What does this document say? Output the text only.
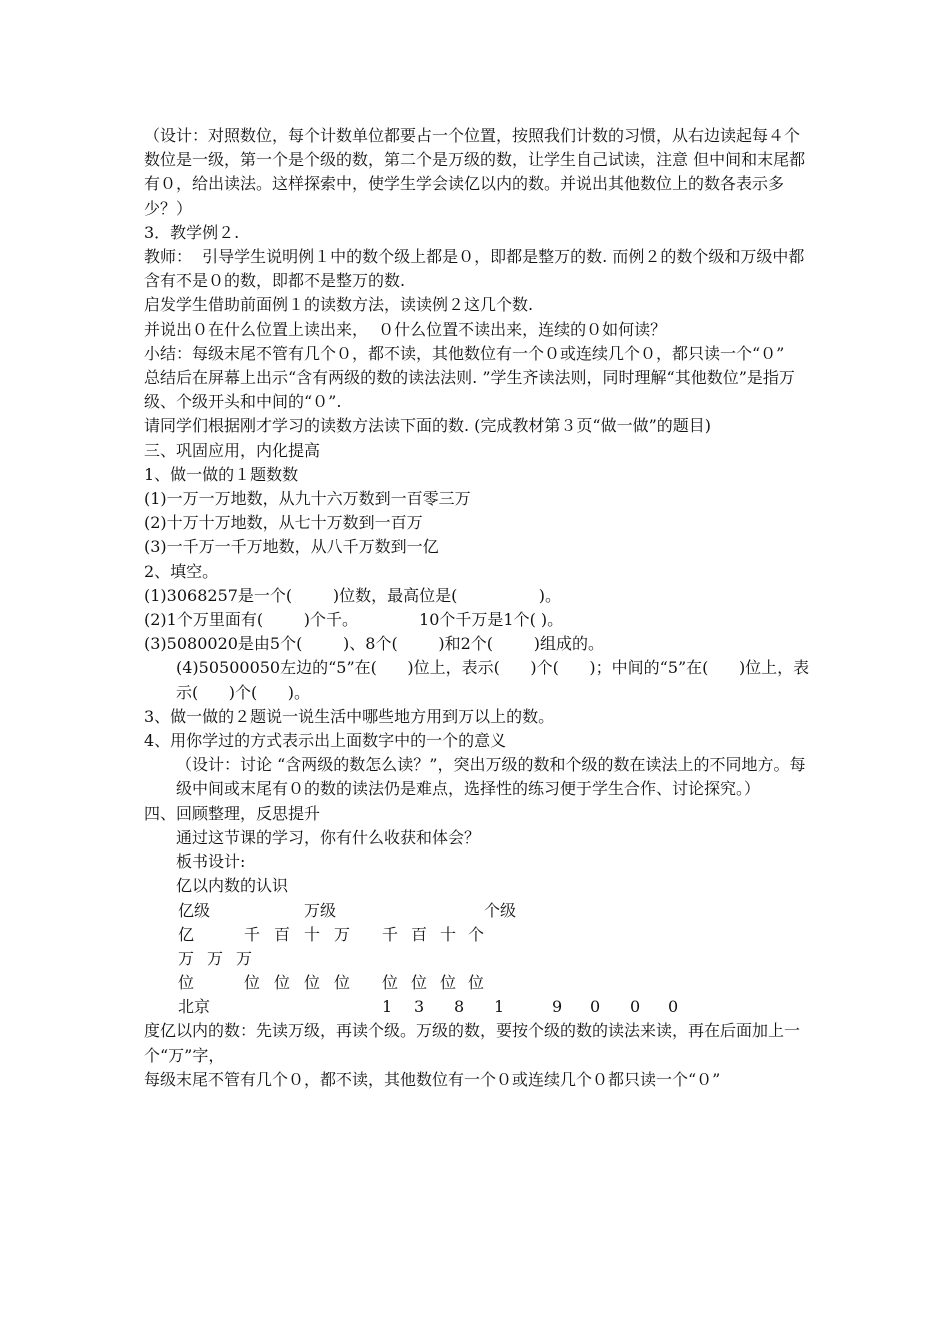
（设计：对照数位，每个计数单位都要占一个位置，按照我们计数的习惯，从右边读起每４个数位是一级，第一个是个级的数，第二个是万级的数，让学生自己试读，注意 但中间和末尾都有０，给出读法。这样探索中，使学生学会读亿以内的数。并说出其他数位上的数各表示多少？）

3．教学例２.

教师：  引导学生说明例１中的数个级上都是０，即都是整万的数. 而例２的数个级和万级中都含有不是０的数，即都不是整万的数.

启发学生借助前面例１的读数方法，读读例２这几个数.

并说出０在什么位置上读出来，  ０什么位置不读出来，连续的０如何读？

小结：每级末尾不管有几个０，都不读，其他数位有一个０或连续几个０，都只读一个“０”

总结后在屏幕上出示“含有两级的数的读法法则. ”学生齐读法则，同时理解“其他数位”是指万级、个级开头和中间的“０”.

请同学们根据刚才学习的读数方法读下面的数. (完成教材第３页“做一做”的题目)

三、巩固应用，内化提高

1、做一做的１题数数

(1)一万一万地数，从九十六万数到一百零三万

(2)十万十万地数，从七十万数到一百万

(3)一千万一千万地数，从八千万数到一亿

2、填空。

(1)3068257是一个(        )位数，最高位是(                )。

(2)1个万里面有(        )个千。            10个千万是1个( )。

(3)5080020是由5个(        )、8个(        )和2个(        )组成的。

(4)50500050左边的“5”在(      )位上，表示(      )个(      )；中间的“5”在(      )位上，表示(      )个(      )。

3、做一做的２题说一说生活中哪些地方用到万以上的数。

4、用你学过的方式表示出上面数字中的一个的意义

（设计：讨论 “含两级的数怎么读？”，突出万级的数和个级的数在读法上的不同地方。每级中间或末尾有０的数的读法仍是难点，选择性的练习便于学生合作、讨论探究。）

四、回顾整理，反思提升

通过这节课的学习，你有什么收获和体会？

板书设计:

亿以内数的认识

亿级	万级	个级
亿	千 百 十 万 千 百 十 个
万 万 万
位	位 位 位 位 位 位 位 位
北京	1 3 8 1	9 0 0 0

度亿以内的数：先读万级，再读个级。万级的数，要按个级的数的读法来读，再在后面加上一个“万”字，

每级末尾不管有几个０，都不读，其他数位有一个０或连续几个０都只读一个“０”
